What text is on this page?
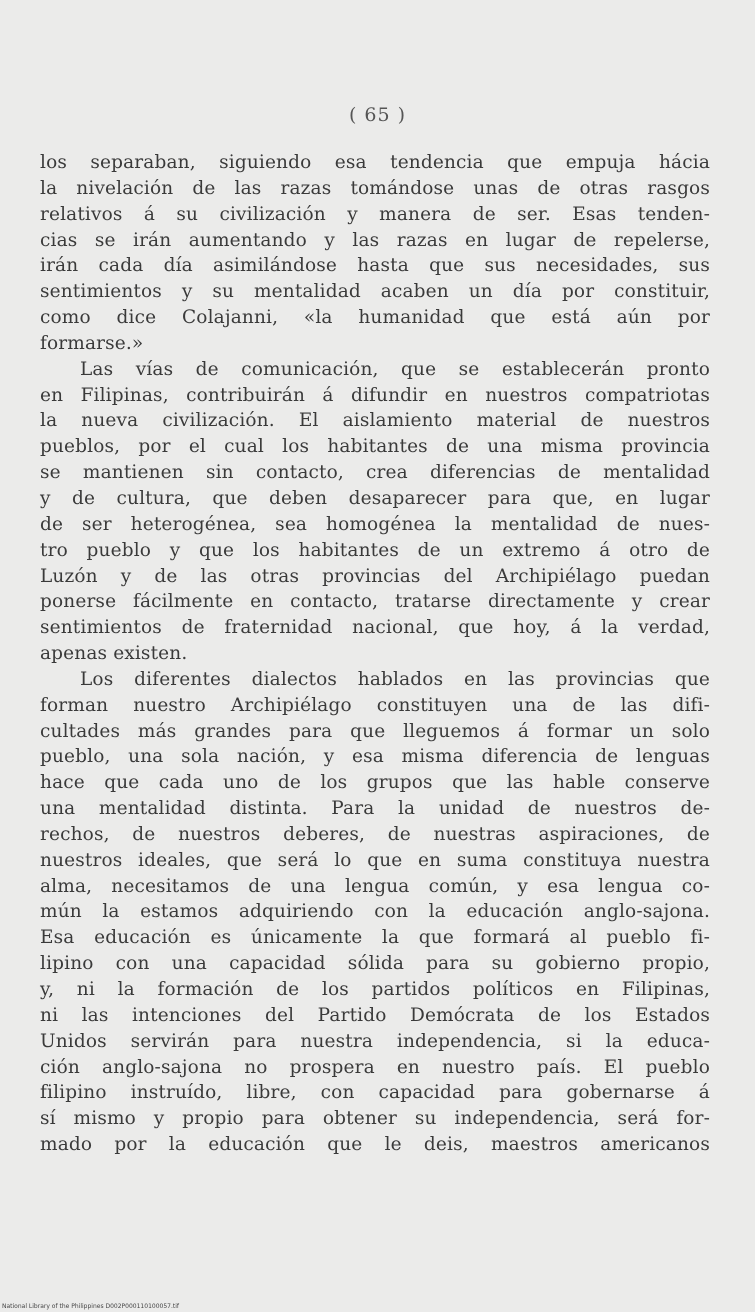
( 65 )
los separaban, siguiendo esa tendencia que empuja hácia
la nivelación de las razas tomándose unas de otras rasgos
relativos á su civilización y manera de ser. Esas tenden-
cias se irán aumentando y las razas en lugar de repelerse,
irán cada día asimilándose hasta que sus necesidades, sus
sentimientos y su mentalidad acaben un día por constituir,
como dice Colajanni, «la humanidad que está aún por
formarse.»
Las vías de comunicación, que se establecerán pronto
en Filipinas, contribuirán á difundir en nuestros compatriotas
la nueva civilización. El aislamiento material de nuestros
pueblos, por el cual los habitantes de una misma provincia
se mantienen sin contacto, crea diferencias de mentalidad
y de cultura, que deben desaparecer para que, en lugar
de ser heterogénea, sea homogénea la mentalidad de nues-
tro pueblo y que los habitantes de un extremo á otro de
Luzón y de las otras provincias del Archipiélago puedan
ponerse fácilmente en contacto, tratarse directamente y crear
sentimientos de fraternidad nacional, que hoy, á la verdad,
apenas existen.
Los diferentes dialectos hablados en las provincias que
forman nuestro Archipiélago constituyen una de las difi-
cultades más grandes para que lleguemos á formar un solo
pueblo, una sola nación, y esa misma diferencia de lenguas
hace que cada uno de los grupos que las hable conserve
una mentalidad distinta. Para la unidad de nuestros de-
rechos, de nuestros deberes, de nuestras aspiraciones, de
nuestros ideales, que será lo que en suma constituya nuestra
alma, necesitamos de una lengua común, y esa lengua co-
mún la estamos adquiriendo con la educación anglo-sajona.
Esa educación es únicamente la que formará al pueblo fi-
lipino con una capacidad sólida para su gobierno propio,
y, ni la formación de los partidos políticos en Filipinas,
ni las intenciones del Partido Demócrata de los Estados
Unidos servirán para nuestra independencia, si la educa-
ción anglo-sajona no prospera en nuestro país. El pueblo
filipino instruído, libre, con capacidad para gobernarse á
sí mismo y propio para obtener su independencia, será for-
mado por la educación que le deis, maestros americanos
National Library of the Philippines D002P000110100057.tif
